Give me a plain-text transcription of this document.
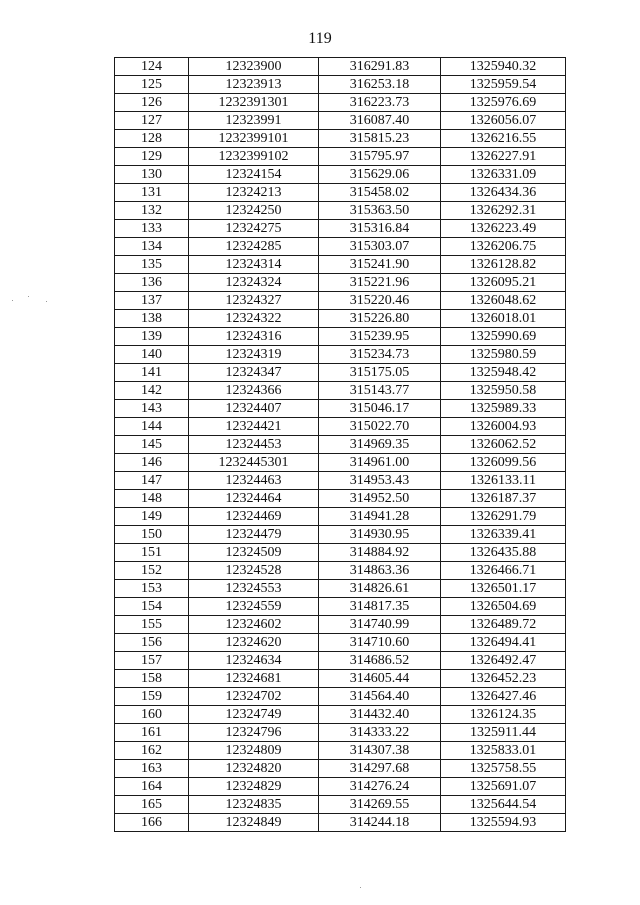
119
124	12323900	316291.83	1325940.32
125	12323913	316253.18	1325959.54
126	1232391301	316223.73	1325976.69
127	12323991	316087.40	1326056.07
128	1232399101	315815.23	1326216.55
129	1232399102	315795.97	1326227.91
130	12324154	315629.06	1326331.09
131	12324213	315458.02	1326434.36
132	12324250	315363.50	1326292.31
133	12324275	315316.84	1326223.49
134	12324285	315303.07	1326206.75
135	12324314	315241.90	1326128.82
136	12324324	315221.96	1326095.21
137	12324327	315220.46	1326048.62
138	12324322	315226.80	1326018.01
139	12324316	315239.95	1325990.69
140	12324319	315234.73	1325980.59
141	12324347	315175.05	1325948.42
142	12324366	315143.77	1325950.58
143	12324407	315046.17	1325989.33
144	12324421	315022.70	1326004.93
145	12324453	314969.35	1326062.52
146	1232445301	314961.00	1326099.56
147	12324463	314953.43	1326133.11
148	12324464	314952.50	1326187.37
149	12324469	314941.28	1326291.79
150	12324479	314930.95	1326339.41
151	12324509	314884.92	1326435.88
152	12324528	314863.36	1326466.71
153	12324553	314826.61	1326501.17
154	12324559	314817.35	1326504.69
155	12324602	314740.99	1326489.72
156	12324620	314710.60	1326494.41
157	12324634	314686.52	1326492.47
158	12324681	314605.44	1326452.23
159	12324702	314564.40	1326427.46
160	12324749	314432.40	1326124.35
161	12324796	314333.22	1325911.44
162	12324809	314307.38	1325833.01
163	12324820	314297.68	1325758.55
164	12324829	314276.24	1325691.07
165	12324835	314269.55	1325644.54
166	12324849	314244.18	1325594.93
